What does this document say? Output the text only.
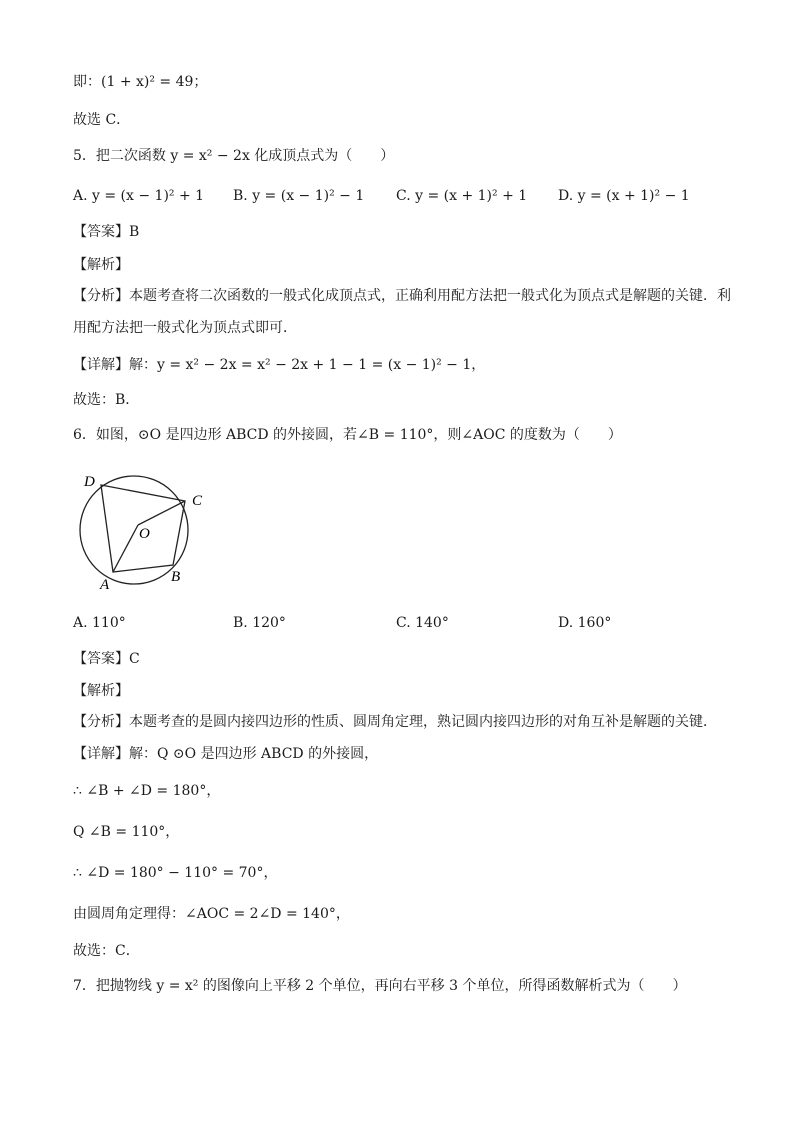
即：(1 + x)² = 49；
故选 C．
5．把二次函数 y = x² − 2x 化成顶点式为（　　）
A. y = (x − 1)² + 1 B. y = (x − 1)² − 1 C. y = (x + 1)² + 1 D. y = (x + 1)² − 1
【答案】B
【解析】
【分析】本题考查将二次函数的一般式化成顶点式，正确利用配方法把一般式化为顶点式是解题的关键．利
用配方法把一般式化为顶点式即可．
【详解】解：y = x² − 2x = x² − 2x + 1 − 1 = (x − 1)² − 1，
故选：B．
6．如图，⊙O 是四边形 ABCD 的外接圆，若∠B = 110°，则∠AOC 的度数为（　　）
D
C
O
A	B
A. 110°	B. 120°	C. 140°	D. 160°
【答案】C
【解析】
【分析】本题考查的是圆内接四边形的性质、圆周角定理，熟记圆内接四边形的对角互补是解题的关键．
【详解】解：Q ⊙O 是四边形 ABCD 的外接圆，
∴ ∠B + ∠D = 180°，
Q ∠B = 110°，
∴ ∠D = 180° − 110° = 70°，
由圆周角定理得：∠AOC = 2∠D = 140°，
故选：C．
7．把抛物线 y = x² 的图像向上平移 2 个单位，再向右平移 3 个单位，所得函数解析式为（　　）
